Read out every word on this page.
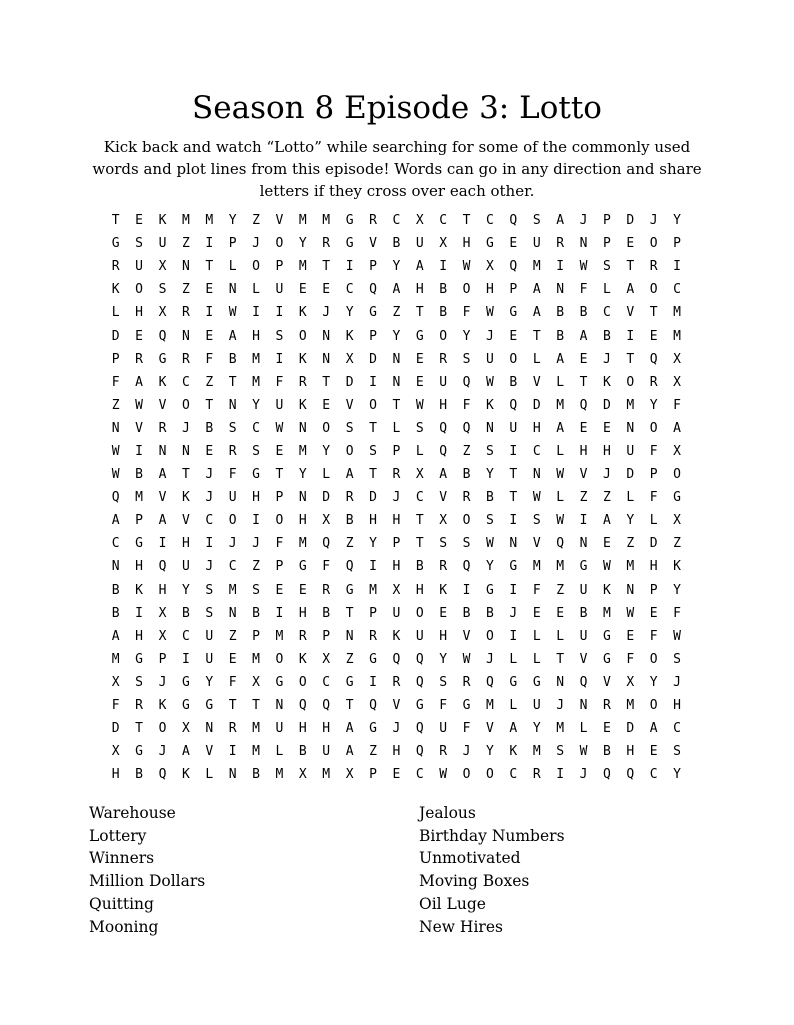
Season 8 Episode 3: Lotto
Kick back and watch “Lotto” while searching for some of the commonly used words and plot lines from this episode! Words can go in any direction and share letters if they cross over each other.
T	E	K	M	M	Y	Z	V	M	M	G	R	C	X	C	T	C	Q	S	A	J	P	D	J	Y
G	S	U	Z	I	P	J	O	Y	R	G	V	B	U	X	H	G	E	U	R	N	P	E	O	P
R	U	X	N	T	L	O	P	M	T	I	P	Y	A	I	W	X	Q	M	I	W	S	T	R	I
K	O	S	Z	E	N	L	U	E	E	C	Q	A	H	B	O	H	P	A	N	F	L	A	O	C
L	H	X	R	I	W	I	I	K	J	Y	G	Z	T	B	F	W	G	A	B	B	C	V	T	M
D	E	Q	N	E	A	H	S	O	N	K	P	Y	G	O	Y	J	E	T	B	A	B	I	E	M
P	R	G	R	F	B	M	I	K	N	X	D	N	E	R	S	U	O	L	A	E	J	T	Q	X
F	A	K	C	Z	T	M	F	R	T	D	I	N	E	U	Q	W	B	V	L	T	K	O	R	X
Z	W	V	O	T	N	Y	U	K	E	V	O	T	W	H	F	K	Q	D	M	Q	D	M	Y	F
N	V	R	J	B	S	C	W	N	O	S	T	L	S	Q	Q	N	U	H	A	E	E	N	O	A
W	I	N	N	E	R	S	E	M	Y	O	S	P	L	Q	Z	S	I	C	L	H	H	U	F	X
W	B	A	T	J	F	G	T	Y	L	A	T	R	X	A	B	Y	T	N	W	V	J	D	P	O
Q	M	V	K	J	U	H	P	N	D	R	D	J	C	V	R	B	T	W	L	Z	Z	L	F	G
A	P	A	V	C	O	I	O	H	X	B	H	H	T	X	O	S	I	S	W	I	A	Y	L	X
C	G	I	H	I	J	J	F	M	Q	Z	Y	P	T	S	S	W	N	V	Q	N	E	Z	D	Z
N	H	Q	U	J	C	Z	P	G	F	Q	I	H	B	R	Q	Y	G	M	M	G	W	M	H	K
B	K	H	Y	S	M	S	E	E	R	G	M	X	H	K	I	G	I	F	Z	U	K	N	P	Y
B	I	X	B	S	N	B	I	H	B	T	P	U	O	E	B	B	J	E	E	B	M	W	E	F
A	H	X	C	U	Z	P	M	R	P	N	R	K	U	H	V	O	I	L	L	U	G	E	F	W
M	G	P	I	U	E	M	O	K	X	Z	G	Q	Q	Y	W	J	L	L	T	V	G	F	O	S
X	S	J	G	Y	F	X	G	O	C	G	I	R	Q	S	R	Q	G	G	N	Q	V	X	Y	J
F	R	K	G	G	T	T	N	Q	Q	T	Q	V	G	F	G	M	L	U	J	N	R	M	O	H
D	T	O	X	N	R	M	U	H	H	A	G	J	Q	U	F	V	A	Y	M	L	E	D	A	C
X	G	J	A	V	I	M	L	B	U	A	Z	H	Q	R	J	Y	K	M	S	W	B	H	E	S
H	B	Q	K	L	N	B	M	X	M	X	P	E	C	W	O	O	C	R	I	J	Q	Q	C	Y
Warehouse
Lottery
Winners
Million Dollars
Quitting
Mooning
Jealous
Birthday Numbers
Unmotivated
Moving Boxes
Oil Luge
New Hires
